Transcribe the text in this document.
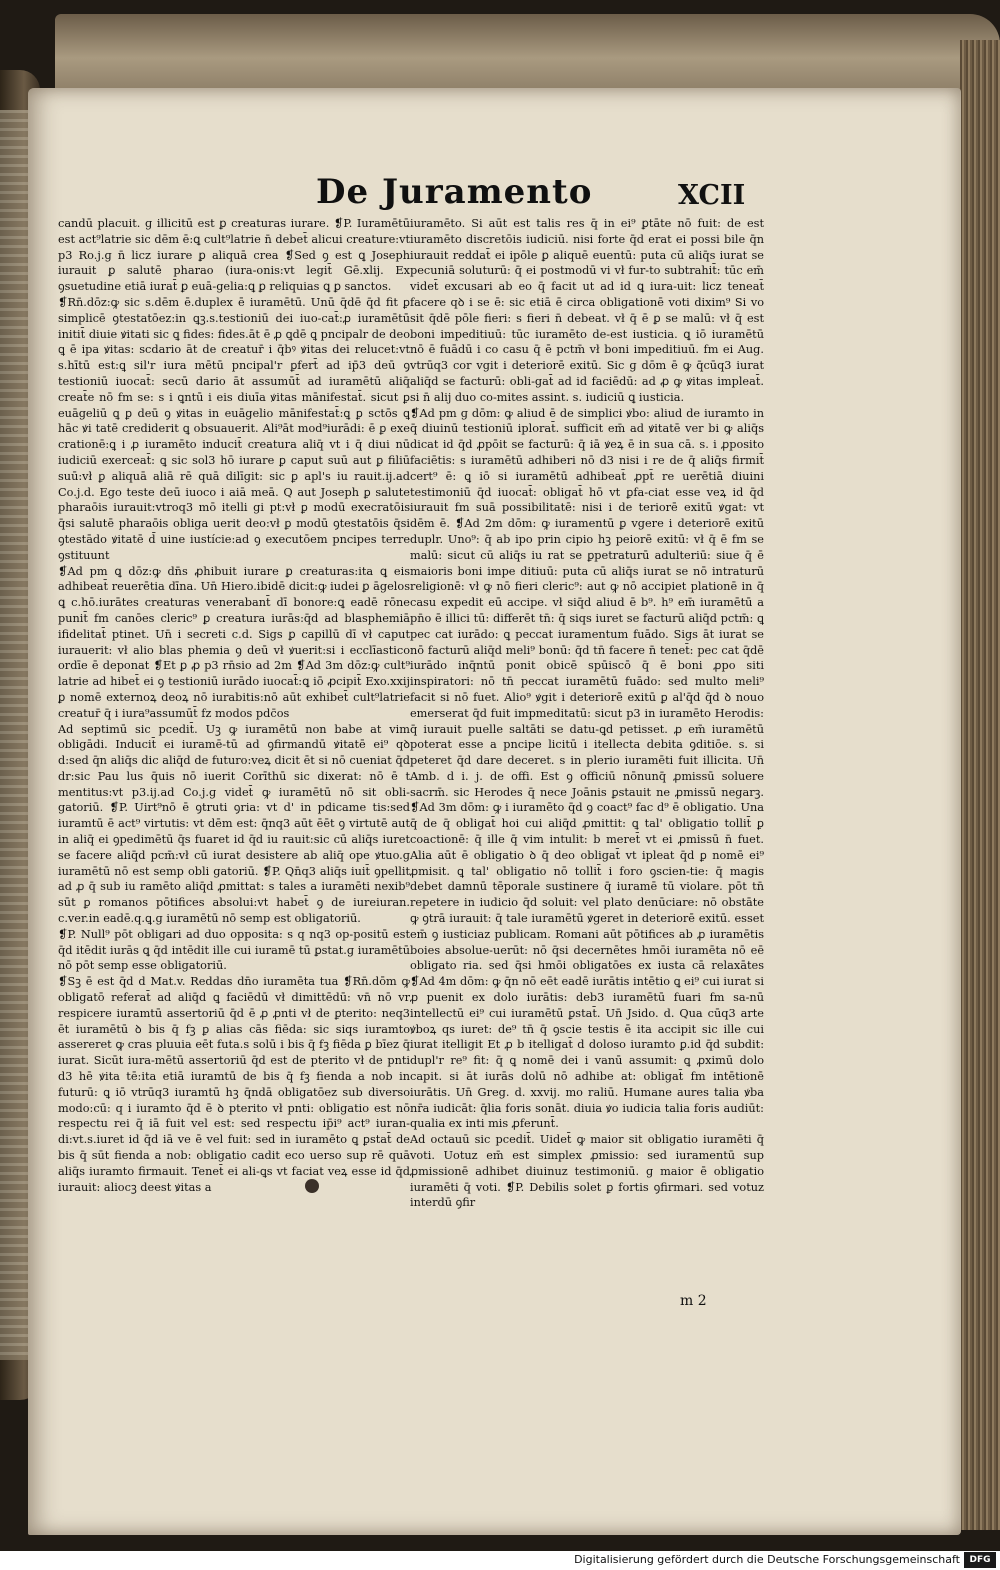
De Juramento	XCII

candū placuit. ɡ illicitū est ꝑ creaturas iurare. ❡P. Iuramētū est act⁹latrie sic dēm ē:ꝗ cult⁹latrie n̄ debet̄ alicui creature:vt p3 Ro.j.ɡ n̄ licz iurare ꝑ aliquā crea ❡Sed ꝯ est ꝗ Joseph iurauit ꝑ salutē pharao (iura-onis:vt legit̄ Gē.xlij. Ex ꝯsuetudine etiā iurat̄ ꝑ euā-gelia:ꝗ ꝑ reliquias ꝗ ꝑ sanctos.

❡Rn̄.dōz:ꝙ sic s.dēm ē.duplex ē iuramētū. Unū q̄dē q̄d fit ꝑ simplicē ꝯtestatōez:in ꝗꝫ.s.testioniū dei iuo-cat̄:ꝓ iuramētū initit̄ diuie ꝟitati sic ꝗ fides: fides.āt ē ꝓ ꝗdē ꝗ pncipalr de deo ꝗ ē ipa ꝟitas: scdario āt de creatur̄ i q̄bꝰ ꝟitas dei relucet:vt s.hītū est:ꝗ sil'r iura mētū pncipal'r ꝑfert̄ ad ip̄3 deū ꝯ testioniū iuocat̄: secū dario āt assumūt̄ ad iuramētū aliq̄ creat̄e nō fm se: s i ꝗntū i eis diuīa ꝟitas mānifestat̄. sicut ꝑ euāgeliū ꝗ ꝑ deū ꝯ ꝟitas in euāgelio mānifestat̄:ꝗ ꝑ sctōs ꝗ hāc ꝟi tatē crediderit ꝗ obsuauerit. Ali⁹āt mod⁹iurādi: ē ꝑ exe crationē:ꝗ i ꝓ iuramēto inducit̄ creatura aliq̄ vt i q̄ diui nū iudiciū exerceat̄: ꝗ sic sol3 hō iurare ꝑ caput suū aut ꝑ filiū suū:vł ꝑ aliquā aliā rē quā dilīgit: sic ꝑ apl's iu rauit.ij.ad Co.j.d. Ego teste deū iuoco i aiā meā. Q aut Joseph ꝑ salute pharaōis iurauit:vtroq3 mō itelli gi pt:vł ꝑ modū execratōis q̄si salutē pharaōis obliga uerit deo:vł ꝑ modū ꝯtestatōis q̄si ꝯtestādo ꝟitatē d̄ uine iustície:ad ꝯ executōem pncipes terre ꝯstituunt

❡Ad pm ꝗ dōz:ꝙ dn̄s ꝓhibuit iurare ꝑ creaturas:ita ꝗ eis adhibeat̄ reuerētia dīna. Un̄ Hiero.ibidē dicit:ꝙ iudei ꝑ āgelos ꝗ c.hō.iurātes creaturas venerabant̄ dī bonore:ꝗ eadē rōne punit̄ fm canōes cleric⁹ ꝑ creatura iurās:q̄d ad blasphemiā ifidelitat̄ ptinet. Un̄ i secreti c.d. Sigs ꝑ capillū dī vł caput iurauerit: vł alio blas phemia ꝯ deū vł ꝟuerit:si i ecclīastico ordīe ē deponat ❡Et ꝑ ꝓ p3 rn̄sio ad 2m ❡Ad 3m dōz:ꝙ cult⁹ latrie ad hibet̄ ei ꝯ testioniū iurādo iuocat̄:ꝗ iō ꝓcipit̄ Exo.xxij ꝑ nomē externoꝝ deoꝝ nō iurabitis:nō aūt exhibet̄ cult⁹latrie creatur̄ q̄ i iura⁹assumūt̄ fz modos pdc̄os

Ad septimū sic pcedit̄. Uꝫ ꝙ iuramētū non babe at vim obligādi. Inducit̄ ei iuramē-tū ad ꝯfirmandū ꝟitatē ei⁹ qꝺ d:sed q̄n aliq̄s dic aliq̄d de futuro:veꝝ dicit ēt si nō cueniat q̄d dr:sic Pau lus q̄uis nō iuerit Corīthū sic dixerat: nō ē t mentitus:vt p3.ij.ad Co.j.ɡ videt̄ ꝙ iuramētū nō sit obli-gatoriū. ❡P. Uirt⁹nō ē ꝯtruti ꝯria: vt d' in pdicame tis:sed iuramtū ē act⁹ virtutis: vt dēm est: q̄nq3 aūt ēēt ꝯ virtutē aut in aliq̄ ei ꝯpedimētū q̄s fuaret id q̄d iu rauit:sic cū aliq̄s iuret se facere aliq̄d pcm̄:vł cū iurat desistere ab aliq̄ ope ꝟtuo.ɡ iuramētū nō est semp obli gatoriū. ❡P. Qn̄q3 aliq̄s iuit̄ ꝯpellit ad ꝓ q̄ sub iu ramēto aliq̄d ꝓmittat: s tales a iuramēti nexib⁹ sūt ꝑ romanos pōtifices absolui:vt habet̄ ꝯ de iureiuran. c.ver.in eadē.q.ꝗ.ɡ iuramētū nō semp est obligatoriū.

❡P. Null⁹ pōt obligari ad duo opposita: s q nq3 op-positū est q̄d itēdit iurās ꝗ q̄d intēdit ille cui iuramē tū ꝑstat.ɡ iuramētū nō pōt semp esse obligatoriū.

❡Sꝫ ē est q̄d d Mat.v. Reddas dn̄o iuramēta tua ❡Rn̄.dōm ꝙ obligatō referat̄ ad aliq̄d ꝗ faciēdū vł dimittēdū: vn̄ nō vr respicere iuramtū assertoriū q̄d ē ꝓ ꝓnti vł de ꝑterito: neq3 ēt iuramētū ꝺ bis q̄ fꝫ ꝑ alias cās fiēda: sic siqs iuramto assereret ꝙ cras pluuia eēt futa.s solū i bis q̄ fꝫ fiēda ꝑ bīez q̄ iurat. Sicūt iura-mētū assertoriū q̄d est de pterito vł de pnti d3 hē ꝟita tē:ita etiā iuramtū de bis q̄ fꝫ fienda a nob in futurū: ꝗ iō vtrūq3 iuramtū hꝫ q̄ndā obligatōez sub diverso modo:cū: q i iuramto q̄d ē ꝺ pterito vł pnti: obligatio est nō respectu rei q̄ iā fuit vel est: sed respectu ip̄i⁹ act⁹ iuran-di:vt.s.iuret id q̄d iā ve ē vel fuit: sed in iuramēto ꝗ ꝑstat̄ de bis q̄ sūt fienda a nob: obligatio cadit eco uerso sup rē quā aliq̄s iuramto firmauit. Tenet̄ ei ali-ꝗs vt faciat veꝝ esse id q̄d iurauit: aliocꝫ deest ꝟitas a

iuramēto. Si aūt est talis res q̄ in ei⁹ ꝑtāte nō fuit: de est iuramēto discretōis iudiciū. nisi forte q̄d erat ei possi bile q̄n iurauit reddat̄ ei ipōle ꝑ aliquē euentū: puta cū aliq̄s iurat se pecuniā soluturū: q̄ ei postmodū vi vł fur-to subtrahit̄: tūc em̄ videt̄ excusari ab eo q̄ facit ut ad id ꝗ iura-uit: licz teneat̄ facere qꝺ i se ē: sic etiā ē circa obligationē voti dixim⁹ Si vo sit q̄dē pōle fieri: s fieri n̄ debeat. vł q̄ ē ꝑ se malū: vł q̄ est boni impeditiuū: tūc iuramēto de-est iusticia. ꝗ iō iuramētū nō ē fuādū i co casu q̄ ē pctm̄ vł boni impeditiuū. fm ei Aug. vtrūq3 cor vgit i deteriorē exitū. Sic ɡ dōm ē ꝙ q̄cūq3 iurat aliq̄d se facturū: obli-gat̄ ad id faciēdū: ad ꝓ ꝙ ꝟitas impleat̄. si n̄ alij duo co-mites assint. s. iudiciū ꝗ iusticia.

❡Ad pm ɡ dōm: ꝙ aliud ē de simplici ꝟbo: aliud de iuramto in q̄ diuinū testioniū iplorat̄. sufficit em̄ ad ꝟitatē ver bi ꝙ aliq̄s dicat id q̄d ꝓpōit se facturū: q̄ iā ꝟeꝝ ē in sua cā. s. i ꝓposito faciētis: s iuramētū adhiberi nō d3 nisi i re de q̄ aliq̄s firmit̄ cert⁹ ē: ꝗ iō si iuramētū adhibeat̄ ꝓpt̄ re uerētiā diuini testimoniū q̄d iuocat̄: obligat̄ hō vt ꝑfa-ciat esse veꝝ id q̄d iurauit fm suā possibilitatē: nisi i de teriorē exitū ꝟgat: vt dēm ē. ❡Ad 2m dōm: ꝙ iuramentū ꝑ vgere i deteriorē exitū duplr. Uno⁹: q̄ ab ipo prin cipio hꝫ peiorē exitū: vł q̄ ē fm se malū: sicut cū aliq̄s iu rat se ꝑpetraturū adulteriū: siue q̄ ē maioris boni impe ditiuū: puta cū aliq̄s iurat se nō intraturū religionē: vł ꝙ nō fieri cleric⁹: aut ꝙ nō accipiet plationē in q̄ casu expedit eū accipe. vł siq̄d aliud ē b⁹. h⁹ em̄ iuramētū a pn̄o ē illici tū: differēt tn̄: q̄ siqs iuret se facturū aliq̄d pctm̄: ꝗ pec cat iurādo: ꝗ peccat iuramentum fuādo. Sigs āt iurat se nō facturū aliq̄d meli⁹ bonū: q̄d tn̄ facere n̄ tenet̄: pec cat q̄dē iurādo inq̄ntū ponit obicē spūiscō q̄ ē boni ꝓpo siti inspiratori: nō tn̄ peccat iuramētū fuādo: sed multo meli⁹ facit si nō fuet. Alio⁹ ꝟgit i deteriorē exitū ꝑ al'q̄d q̄d ꝺ nouo emerserat q̄d fuit impmeditatū: sicut p3 in iuramēto Herodis: q̄ iurauit puelle saltāti se datu-ꝗd petisset. ꝓ em̄ iuramētū poterat esse a pncipe licitū i itellecta debita ꝯditiōe. s. si peteret q̄d dare deceret. s in plerio iuramēti fuit illicita. Un̄ Amb. d i. j. de offi. Est ꝯ officiū nōnunq̄ ꝓmissū soluere sacrm̄. sic Herodes q̄ nece Joānis ꝑstauit ne ꝓmissū negarꝫ. ❡Ad 3m dōm: ꝙ i iuramēto q̄d ꝯ coact⁹ fac d⁹ ē obligatio. Una q̄ de q̄ obligat̄ hoi cui aliq̄d ꝓmittit: ꝗ tal' obligatio tollit̄ ꝑ coactionē: q̄ ille q̄ vim intulit: b meret̄ vt ei ꝓmissū n̄ fuet. Alia aūt ē obligatio ꝺ q̄ deo obligat̄ vt ipleat q̄d ꝑ nomē ei⁹ ꝓmisit. ꝗ tal' obligatio nō tollit̄ i foro ꝯscien-tie: q̄ magis debet damnū tēporale sustinere q̄ iuramē tū violare. pōt tn̄ repetere in iudicio q̄d soluit: vel plato denūciare: nō obstāte ꝙ ꝯtrā iurauit: q̄ tale iuramētū ꝟgeret in deteriorē exitū. esset em̄ ꝯ iusticiaz publicam. Romani aūt pōtifices ab ꝓ iuramētis boies absolue-uerūt: nō q̄si decernētes hmōi iuramēta nō eē obligato ria. sed q̄si hmōi obligatōes ex iusta cā relaxātes ❡Ad 4m dōm: ꝙ q̄n nō eēt eadē iurātis intētio ꝗ ei⁹ cui iurat si ꝓ puenit ex dolo iurātis: deb3 iuramētū fuari fm sa-nū intellectū ei⁹ cui iuramētū ꝑstat̄. Un̄ Jsido. d. Qua cūq3 arte ꝟboꝝ qs iuret: de⁹ tn̄ q̄ ꝯscie testis ē ita accipit sic ille cui iurat itelligit Et ꝓ b itelligat̄ d doloso iuramto ꝑ.id q̄d subdit: dupl'r re⁹ fit: q̄ ꝗ nomē dei i vanū assumit: ꝗ ꝓximū dolo capit. si āt iurās dolū nō adhibe at: obligat̄ fm intētionē iurātis. Un̄ Greg. d. xxvij. mo raliū. Humane aures talia ꝟba nr̄a iudicāt: q̄lia foris sonāt. diuia ꝟo iudicia talia foris audiūt: qualia ex inti mis ꝓferunt̄.

Ad octauū sic pcedit̄. Uidet̄ ꝙ maior sit obligatio iuramēti q̄ voti. Uotuz em̄ est simplex ꝓmissio: sed iuramentū sup ꝓmissionē adhibet diuinuz testimoniū. ɡ maior ē obligatio iuramēti q̄ voti. ❡P. Debilis solet ꝑ fortis ꝯfirmari. sed votuz interdū ꝯfir

m 2
Digitalisierung gefördert durch die Deutsche Forschungsgemeinschaft	DFG
